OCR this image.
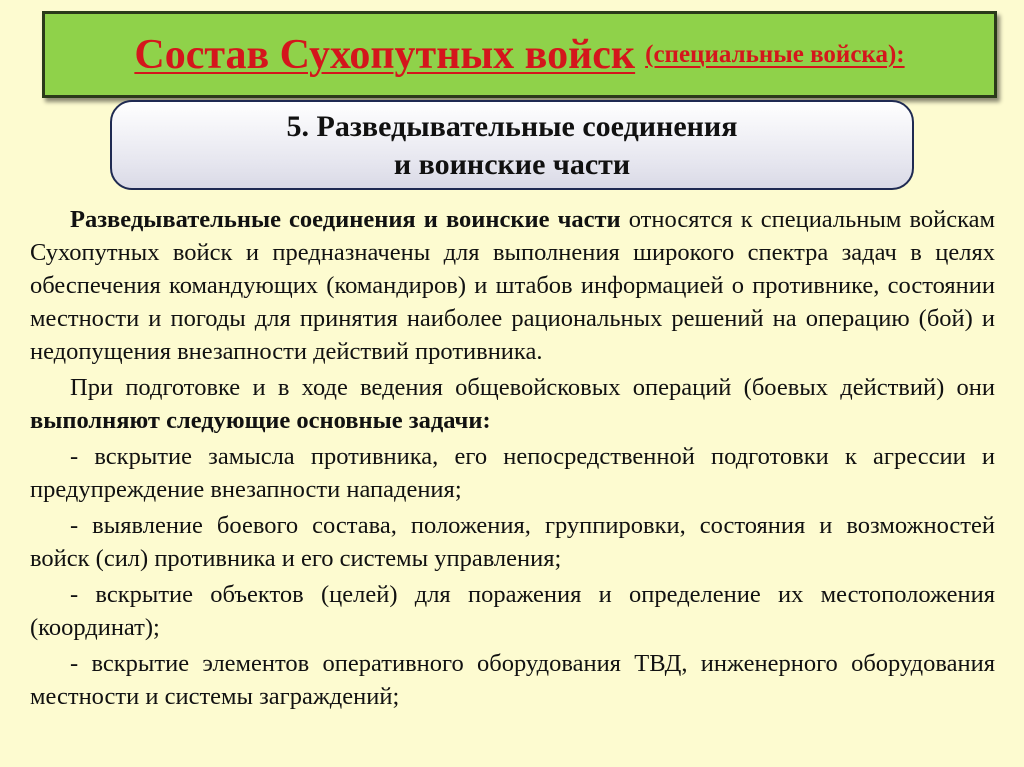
Состав Сухопутных войск (специальные войска):
5. Разведывательные соединения
и воинские части

Разведывательные соединения и воинские части относятся к специальным войскам Сухопутных войск и предназначены для выполнения широкого спектра задач в целях обеспечения командующих (командиров) и штабов информацией о противнике, состоянии местности и погоды для принятия наиболее рациональных решений на операцию (бой) и недопущения внезапности действий противника.

При подготовке и в ходе ведения общевойсковых операций (боевых действий) они выполняют следующие основные задачи:

- вскрытие замысла противника, его непосредственной подготовки к агрессии и предупреждение внезапности нападения;

- выявление боевого состава, положения, группировки, состояния и возможностей войск (сил) противника и его системы управления;

- вскрытие объектов (целей) для поражения и определение их местоположения (координат);

- вскрытие элементов оперативного оборудования ТВД, инженерного оборудования местности и системы заграждений;
